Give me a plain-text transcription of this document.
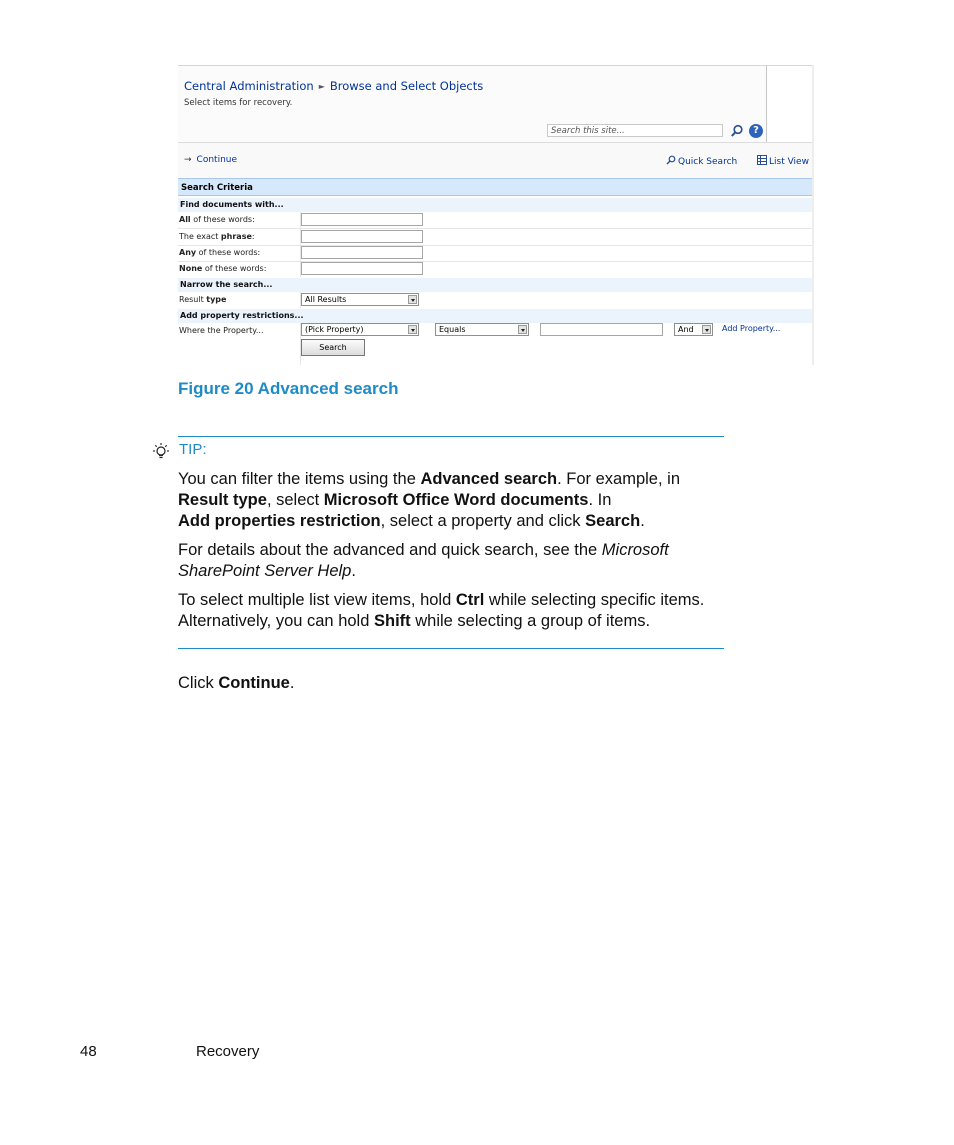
Central Administration ► Browse and Select Objects
Select items for recovery.
Search this site...	?
→ Continue	Quick Search	List View
Search Criteria
Find documents with...
All of these words:
The exact phrase:
Any of these words:
None of these words:
Narrow the search...
Result type	All Results
Add property restrictions...
Where the Property...	(Pick Property)	Equals	And	Add Property...
Search
Figure 20 Advanced search
TIP:
You can filter the items using the Advanced search. For example, in
Result type, select Microsoft Office Word documents. In
Add properties restriction, select a property and click Search.
For details about the advanced and quick search, see the Microsoft SharePoint Server Help.
To select multiple list view items, hold Ctrl while selecting specific items. Alternatively, you can hold Shift while selecting a group of items.
Click Continue.
48	Recovery
